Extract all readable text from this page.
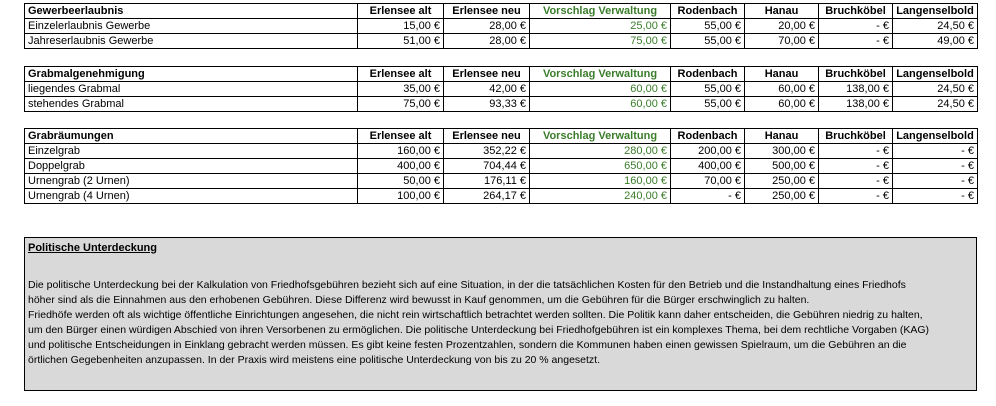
Gewerbeerlaubnis	Erlensee alt	Erlensee neu	Vorschlag Verwaltung	Rodenbach	Hanau	Bruchköbel	Langenselbold
Einzelerlaubnis Gewerbe	15,00 €	28,00 €	25,00 €	55,00 €	20,00 €	- €	24,50 €
Jahreserlaubnis Gewerbe	51,00 €	28,00 €	75,00 €	55,00 €	70,00 €	- €	49,00 €
Grabmalgenehmigung	Erlensee alt	Erlensee neu	Vorschlag Verwaltung	Rodenbach	Hanau	Bruchköbel	Langenselbold
liegendes Grabmal	35,00 €	42,00 €	60,00 €	55,00 €	60,00 €	138,00 €	24,50 €
stehendes Grabmal	75,00 €	93,33 €	60,00 €	55,00 €	60,00 €	138,00 €	24,50 €
Grabräumungen	Erlensee alt	Erlensee neu	Vorschlag Verwaltung	Rodenbach	Hanau	Bruchköbel	Langenselbold
Einzelgrab	160,00 €	352,22 €	280,00 €	200,00 €	300,00 €	- €	- €
Doppelgrab	400,00 €	704,44 €	650,00 €	400,00 €	500,00 €	- €	- €
Urnengrab (2 Urnen)	50,00 €	176,11 €	160,00 €	70,00 €	250,00 €	- €	- €
Urnengrab (4 Urnen)	100,00 €	264,17 €	240,00 €	- €	250,00 €	- €	- €
Politische Unterdeckung

Die politische Unterdeckung bei der Kalkulation von Friedhofsgebühren bezieht sich auf eine Situation, in der die tatsächlichen Kosten für den Betrieb und die Instandhaltung eines Friedhofs
höher sind als die Einnahmen aus den erhobenen Gebühren. Diese Differenz wird bewusst in Kauf genommen, um die Gebühren für die Bürger erschwinglich zu halten.
Friedhöfe werden oft als wichtige öffentliche Einrichtungen angesehen, die nicht rein wirtschaftlich betrachtet werden sollten. Die Politik kann daher entscheiden, die Gebühren niedrig zu halten,
um den Bürger einen würdigen Abschied von ihren Versorbenen zu ermöglichen. Die politische Unterdeckung bei Friedhofgebühren ist ein komplexes Thema, bei dem rechtliche Vorgaben (KAG)
und politische Entscheidungen in Einklang gebracht werden müssen. Es gibt keine festen Prozentzahlen, sondern die Kommunen haben einen gewissen Spielraum, um die Gebühren an die
örtlichen Gegebenheiten anzupassen. In der Praxis wird meistens eine politische Unterdeckung von bis zu 20 % angesetzt.
